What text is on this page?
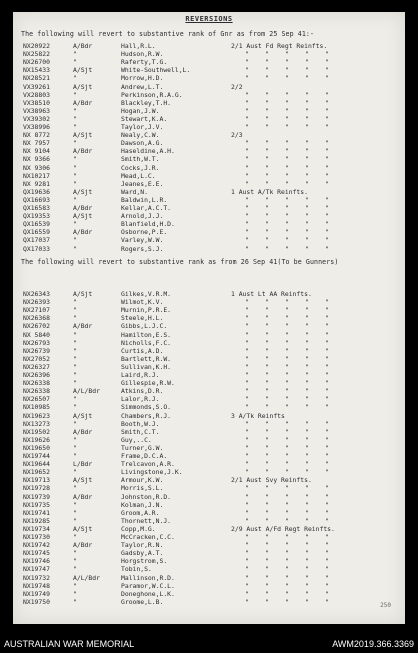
REVERSIONS
The following will revert to substantive rank of Gnr as from 25 Sep 41:-
NX20922	A/Bdr	Hall,R.L.	2/1 Aust Fd Regt Reinfts.
NX25822	"	Hudson,R.W.	"	"	"	"	"
NX26700	"	Raferty,T.G.	"	"	"	"	"
NX15433	A/Sjt	White-Southwell,L.	"	"	"	"	"
NX28521	"	Morrow,H.D.	"	"	"	"	"
VX39261	A/Sjt	Andrew,L.T.	2/2
VX28803	"	Perkinson,R.A.G.	"	"	"	"	"
VX38510	A/Bdr	Blackley,T.H.	"	"	"	"	"
VX38963	"	Hogan,J.W.	"	"	"	"	"
VX39302	"	Stewart,K.A.	"	"	"	"	"
VX38996	"	Taylor,J.V.	"	"	"	"	"
NX 8772	A/Sjt	Nealy,C.W.	2/3
NX 7957	"	Dawson,A.G.	"	"	"	"	"
NX 9104	A/Bdr	Haseldine,A.H.	"	"	"	"	"
NX 9366	"	Smith,W.T.	"	"	"	"	"
NX 9306	"	Cocks,J.R.	"	"	"	"	"
NX10217	"	Mead,L.C.	"	"	"	"	"
NX 9281	"	Jeanes,E.E.	"	"	"	"	"
QX19636	A/Sjt	Ward,N.	1 Aust A/Tk Reinfts.
QX16693	"	Baldwin,L.R.	"	"	"	"	"
QX16583	A/Bdr	Kellar,A.C.T.	"	"	"	"	"
QX19353	A/Sjt	Arnold,J.J.	"	"	"	"	"
QX16539	"	Blanfield,H.D.	"	"	"	"	"
QX16559	A/Bdr	Osborne,P.E.	"	"	"	"	"
QX17037	"	Varley,W.W.	"	"	"	"	"
QX17033	"	Rogers,S.J.	"	"	"	"	"
The following will revert to substantive rank as from 26 Sep 41(To be Gunners)
NX26343	A/Sjt	Gilkes,V.R.M.	1 Aust Lt AA Reinfts.
NX26393	"	Wilmot,K.V.	"	"	"	"	"
NX27107	"	Murnin,P.R.E.	"	"	"	"	"
NX26368	"	Steele,H.L.	"	"	"	"	"
NX26702	A/Bdr	Gibbs,L.J.C.	"	"	"	"	"
NX 5840	"	Hamilton,E.S.	"	"	"	"	"
NX26793	"	Nicholls,F.C.	"	"	"	"	"
NX26739	"	Curtis,A.D.	"	"	"	"	"
NX27052	"	Bartlett,R.W.	"	"	"	"	"
NX26327	"	Sullivan,K.H.	"	"	"	"	"
NX26396	"	Laird,R.J.	"	"	"	"	"
NX26338	"	Gillespie,R.W.	"	"	"	"	"
NX26338	A/L/Bdr	Atkins,D.R.	"	"	"	"	"
NX26507	"	Lalor,R.J.	"	"	"	"	"
NX10985	"	Simmonds,S.O.	"	"	"	"	"
NX19623	A/Sjt	Chambers,R.J.	3 A/Tk Reinfts
NX13273	"	Booth,W.J.	"	"	"	"	"
NX19502	A/Bdr	Smith,C.T.	"	"	"	"	"
NX19626	"	Guy,..C.	"	"	"	"	"
NX19650	"	Turner,G.W.	"	"	"	"	"
NX19744	"	Frame,D.C.A.	"	"	"	"	"
NX19644	L/Bdr	Trelcavon,A.R.	"	"	"	"	"
NX19652	"	Livingstone,J.K.	"	"	"	"	"
NX19713	A/Sjt	Armour,K.W.	2/1 Aust Svy Reinfts.
NX19728	"	Morris,S.L.	"	"	"	"	"
NX19739	A/Bdr	Johnston,R.D.	"	"	"	"	"
NX19735	"	Kolman,J.N.	"	"	"	"	"
NX19741	"	Groom,A.R.	"	"	"	"	"
NX19285	"	Thornett,N.J.	"	"	"	"	"
NX19734	A/Sjt	Copp,M.G.	2/9 Aust A/Fd Regt Reinfts.
NX19730	"	McCracken,C.C.	"	"	"	"	"
NX19742	A/Bdr	Taylor,R.N.	"	"	"	"	"
NX19745	"	Gadsby,A.T.	"	"	"	"	"
NX19746	"	Horgstrom,S.	"	"	"	"	"
NX19747	"	Tobin,S.	"	"	"	"	"
NX19732	A/L/Bdr	Mallinson,R.D.	"	"	"	"	"
NX19748	"	Paramor,W.C.L.	"	"	"	"	"
NX19749	"	Doneghone,L.K.	"	"	"	"	"
NX19750	"	Groome,L.B.	"	"	"	"	"	250
AUSTRALIAN WAR MEMORIAL	AWM2019.366.3369
